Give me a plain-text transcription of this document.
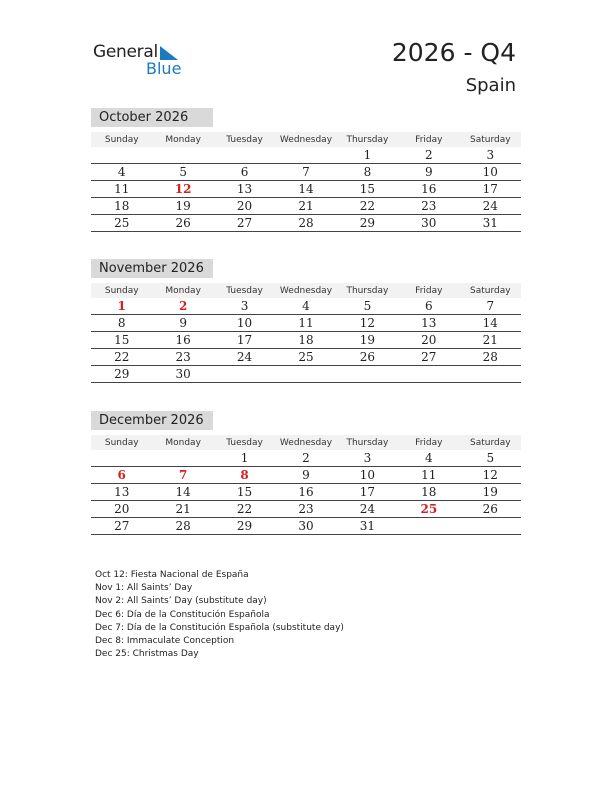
General
Blue
2026 - Q4
Spain
October 2026
Sunday	Monday	Tuesday	Wednesday	Thursday	Friday	Saturday
				1	2	3
4	5	6	7	8	9	10
11	12	13	14	15	16	17
18	19	20	21	22	23	24
25	26	27	28	29	30	31
November 2026
Sunday	Monday	Tuesday	Wednesday	Thursday	Friday	Saturday
1	2	3	4	5	6	7
8	9	10	11	12	13	14
15	16	17	18	19	20	21
22	23	24	25	26	27	28
29	30					
December 2026
Sunday	Monday	Tuesday	Wednesday	Thursday	Friday	Saturday
		1	2	3	4	5
6	7	8	9	10	11	12
13	14	15	16	17	18	19
20	21	22	23	24	25	26
27	28	29	30	31		
Oct 12: Fiesta Nacional de España
Nov 1: All Saints’ Day
Nov 2: All Saints’ Day (substitute day)
Dec 6: Día de la Constitución Española
Dec 7: Día de la Constitución Española (substitute day)
Dec 8: Immaculate Conception
Dec 25: Christmas Day
